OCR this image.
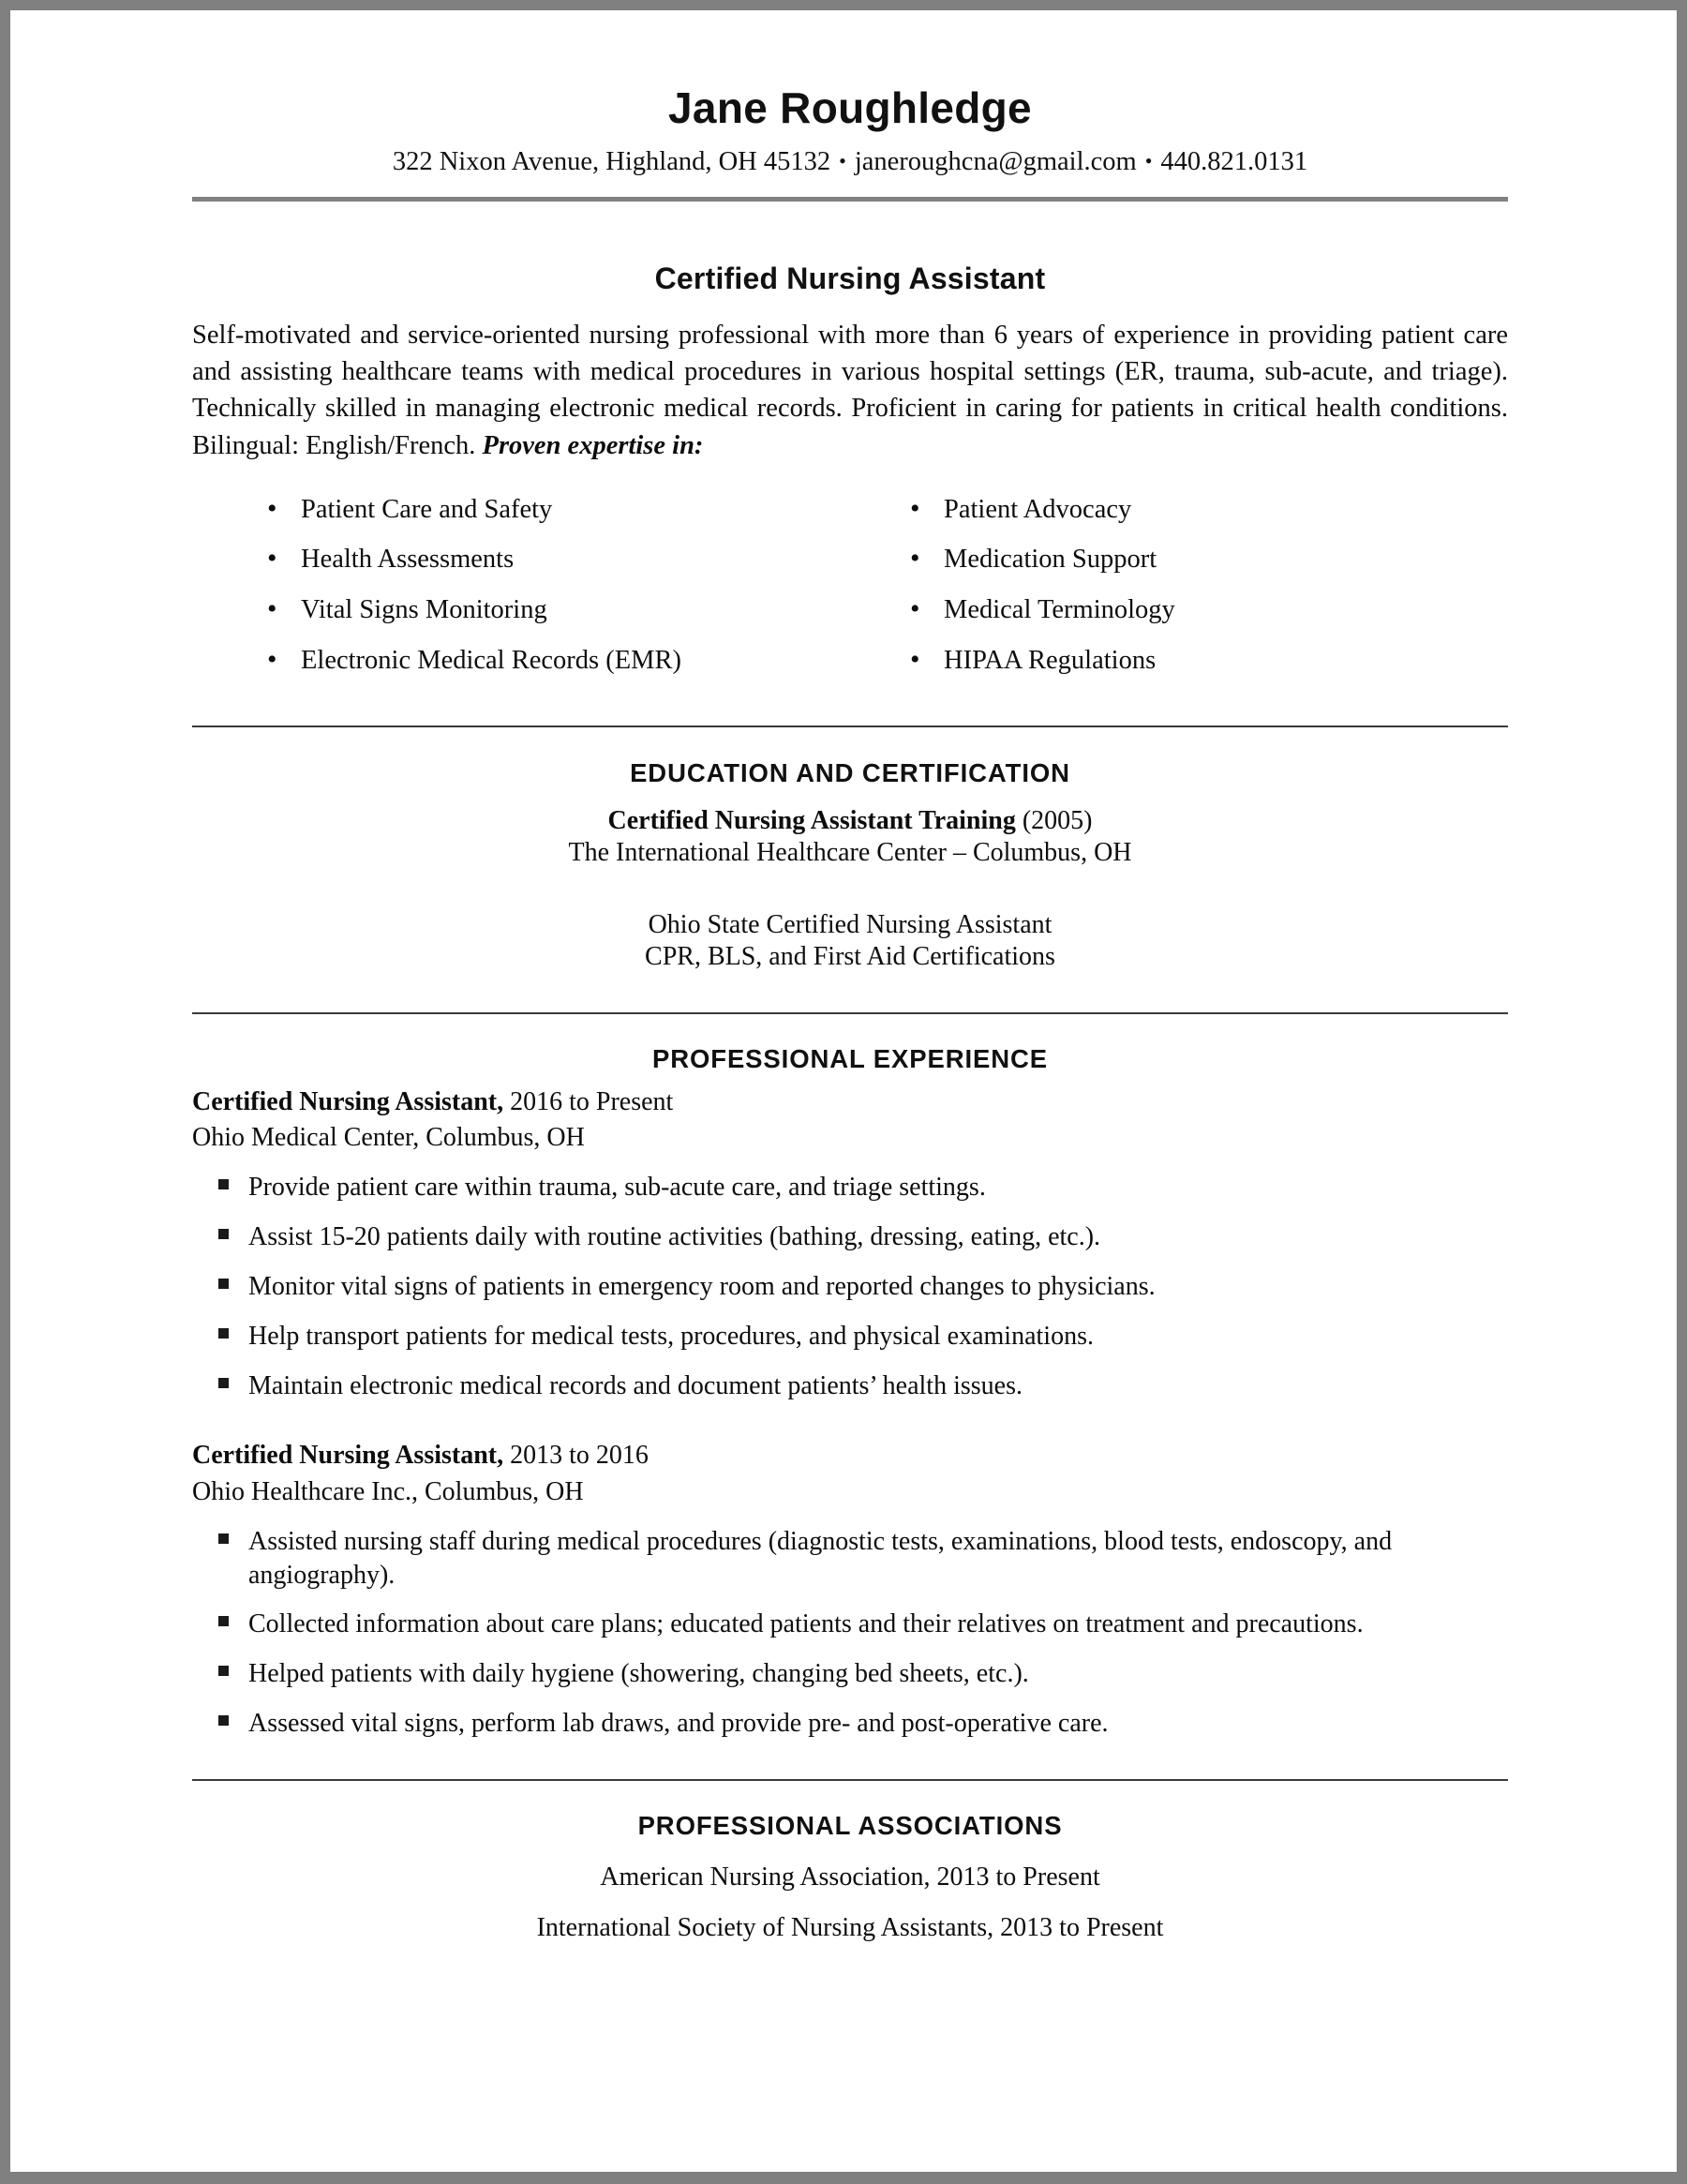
Jane Roughledge

322 Nixon Avenue, Highland, OH 45132 • janeroughcna@gmail.com • 440.821.0131

Certified Nursing Assistant

Self-motivated and service-oriented nursing professional with more than 6 years of experience in providing patient care and assisting healthcare teams with medical procedures in various hospital settings (ER, trauma, sub-acute, and triage). Technically skilled in managing electronic medical records. Proficient in caring for patients in critical health conditions. Bilingual: English/French. Proven expertise in:

• Patient Care and Safety
• Health Assessments
• Vital Signs Monitoring
• Electronic Medical Records (EMR)
• Patient Advocacy
• Medication Support
• Medical Terminology
• HIPAA Regulations
EDUCATION AND CERTIFICATION

Certified Nursing Assistant Training (2005)

The International Healthcare Center – Columbus, OH

Ohio State Certified Nursing Assistant

CPR, BLS, and First Aid Certifications

PROFESSIONAL EXPERIENCE

Certified Nursing Assistant, 2016 to Present

Ohio Medical Center, Columbus, OH

Provide patient care within trauma, sub-acute care, and triage settings.
Assist 15-20 patients daily with routine activities (bathing, dressing, eating, etc.).
Monitor vital signs of patients in emergency room and reported changes to physicians.
Help transport patients for medical tests, procedures, and physical examinations.
Maintain electronic medical records and document patients’ health issues.

Certified Nursing Assistant, 2013 to 2016

Ohio Healthcare Inc., Columbus, OH

Assisted nursing staff during medical procedures (diagnostic tests, examinations, blood tests, endoscopy, and angiography).
Collected information about care plans; educated patients and their relatives on treatment and precautions.
Helped patients with daily hygiene (showering, changing bed sheets, etc.).
Assessed vital signs, perform lab draws, and provide pre- and post-operative care.
PROFESSIONAL ASSOCIATIONS

American Nursing Association, 2013 to Present

International Society of Nursing Assistants, 2013 to Present
